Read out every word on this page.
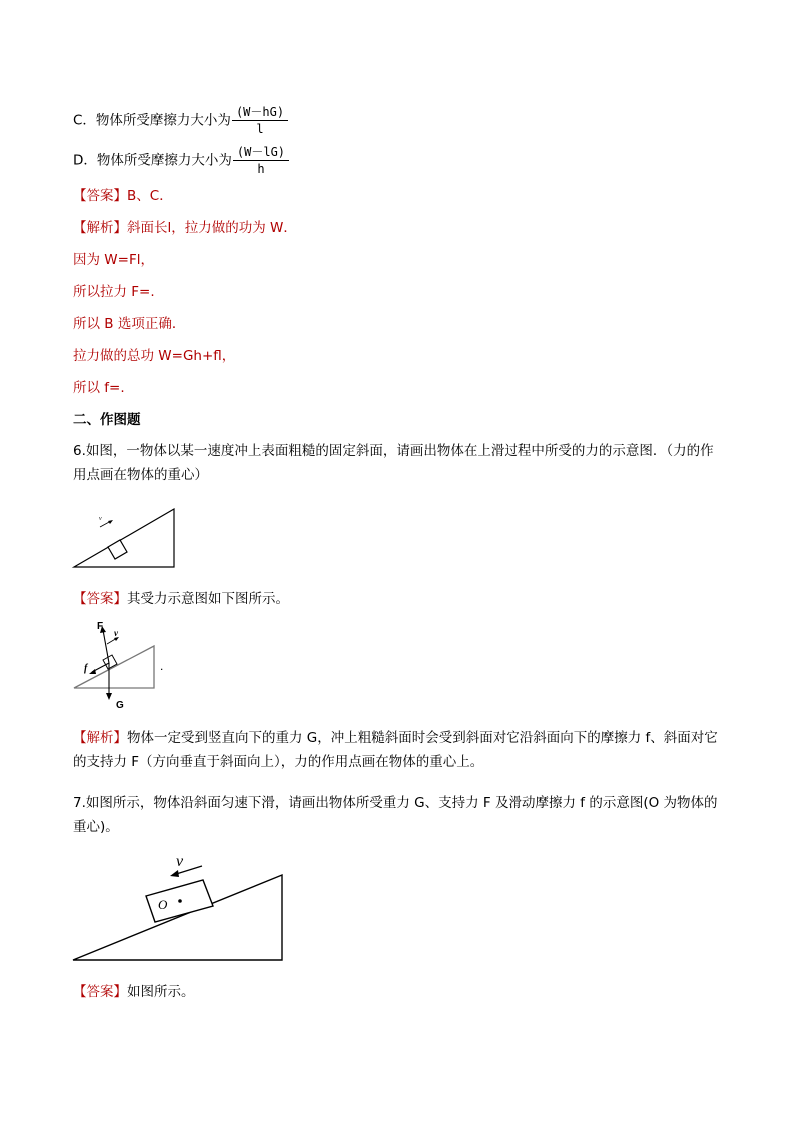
C．物体所受摩擦力大小为 $\frac{(W-hG)}{l}$
D．物体所受摩擦力大小为 $\frac{(W-lG)}{h}$
【答案】B、C．
【解析】斜面长l，拉力做的功为 W．
因为 W=Fl，
所以拉力 F=.
所以 B 选项正确．
拉力做的总功 W=Gh+fl，
所以 f=.
二、作图题
6.如图，一物体以某一速度冲上表面粗糙的固定斜面，请画出物体在上滑过程中所受的力的示意图．（力的作用点画在物体的重心）
v
【答案】其受力示意图如下图所示。
F
v
f
G
.
【解析】物体一定受到竖直向下的重力 G，冲上粗糙斜面时会受到斜面对它沿斜面向下的摩擦力 f、斜面对它的支持力 F（方向垂直于斜面向上），力的作用点画在物体的重心上。
7.如图所示，物体沿斜面匀速下滑，请画出物体所受重力 G、支持力 F 及滑动摩擦力 f 的示意图(O 为物体的重心)。
O
v
【答案】如图所示。
